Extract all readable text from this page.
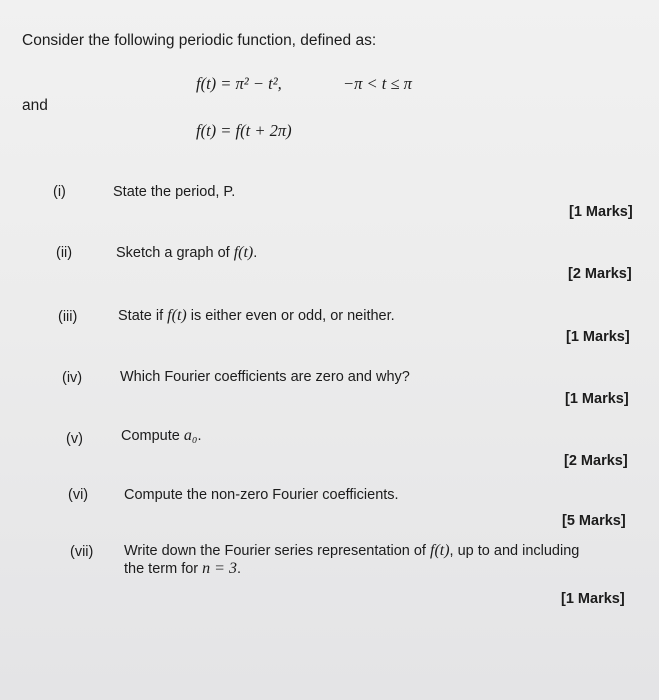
Consider the following periodic function, defined as:
f(t) = π² − t²,	−π < t ≤ π
and
f(t) = f(t + 2π)
(i)	State the period, P.
[1 Marks]
(ii)	Sketch a graph of f(t).
[2 Marks]
(iii)	State if f(t) is either even or odd, or neither.
[1 Marks]
(iv)	Which Fourier coefficients are zero and why?
[1 Marks]
(v)	Compute a₀.
[2 Marks]
(vi) Compute the non-zero Fourier coefficients.
[5 Marks]
(vii) Write down the Fourier series representation of f(t), up to and including
the term for n = 3.
[1 Marks]
